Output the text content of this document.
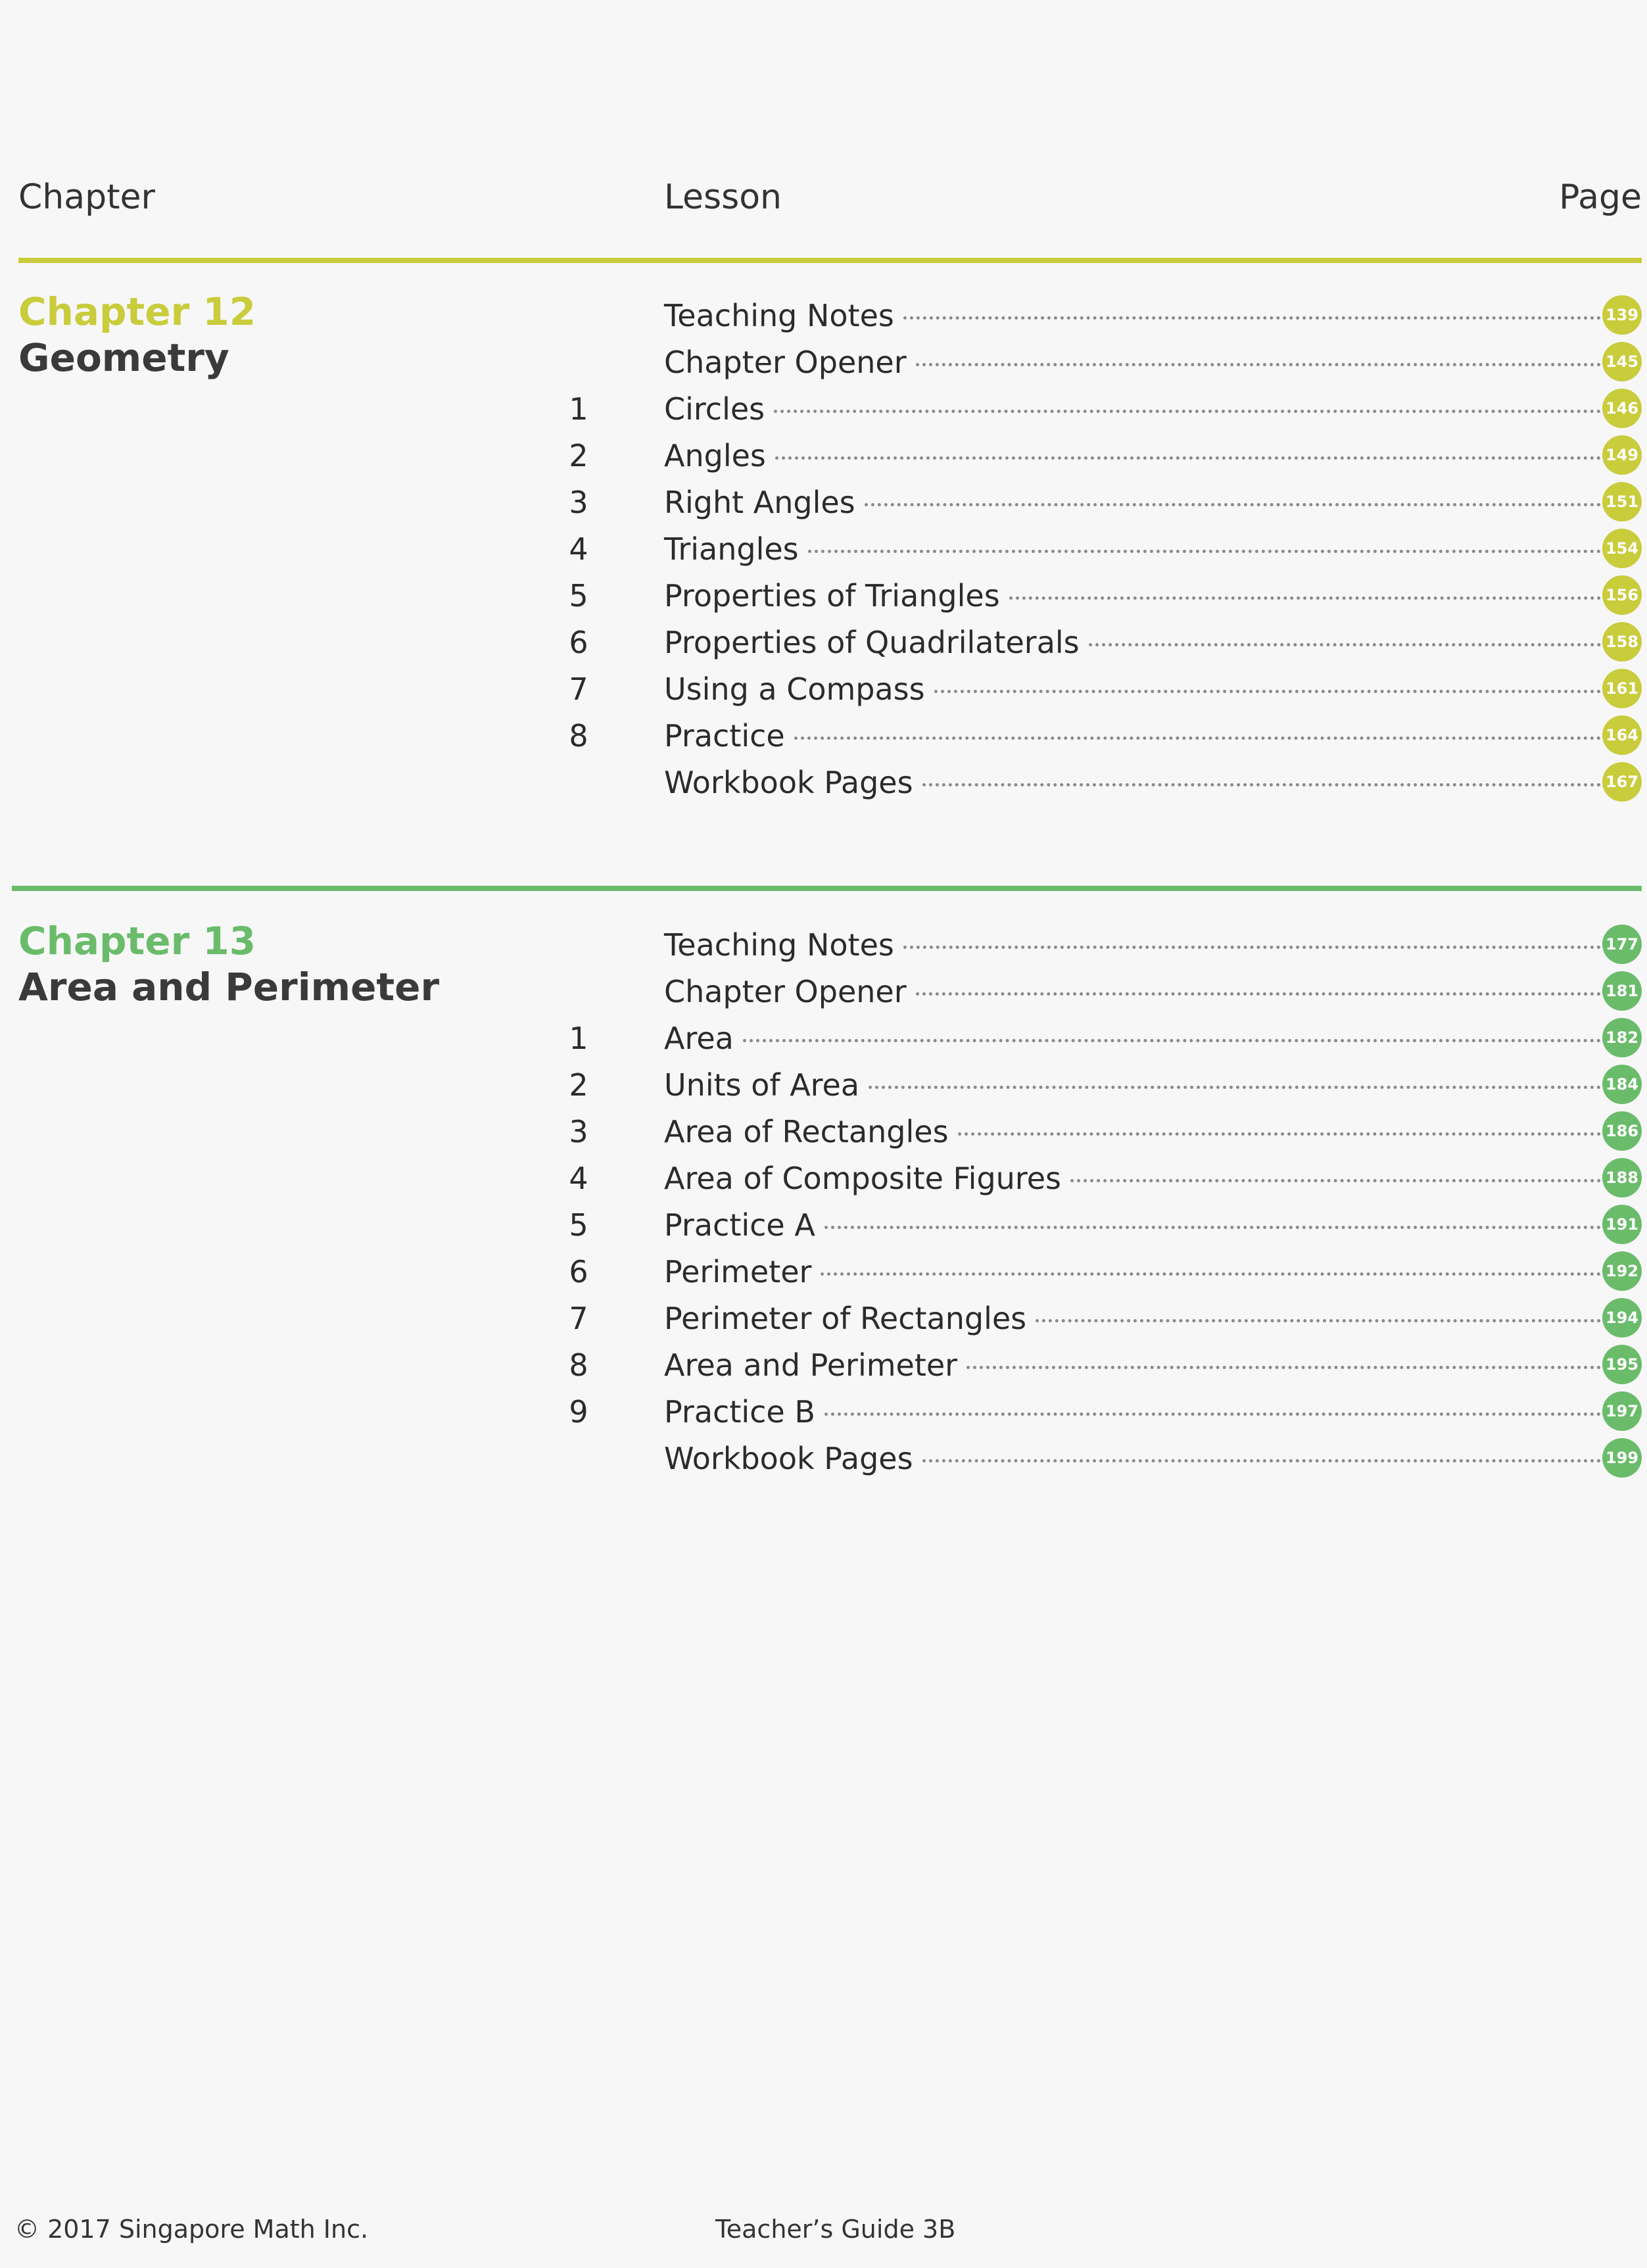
Chapter	Lesson	Page
Chapter 12
Geometry
Teaching Notes	139
Chapter Opener	145
1	Circles	146
2	Angles	149
3	Right Angles	151
4	Triangles	154
5	Properties of Triangles	156
6	Properties of Quadrilaterals	158
7	Using a Compass	161
8	Practice	164
Workbook Pages	167
Chapter 13
Area and Perimeter
Teaching Notes	177
Chapter Opener	181
1	Area	182
2	Units of Area	184
3	Area of Rectangles	186
4	Area of Composite Figures	188
5	Practice A	191
6	Perimeter	192
7	Perimeter of Rectangles	194
8	Area and Perimeter	195
9	Practice B	197
Workbook Pages	199
© 2017 Singapore Math Inc.	Teacher’s Guide 3B
